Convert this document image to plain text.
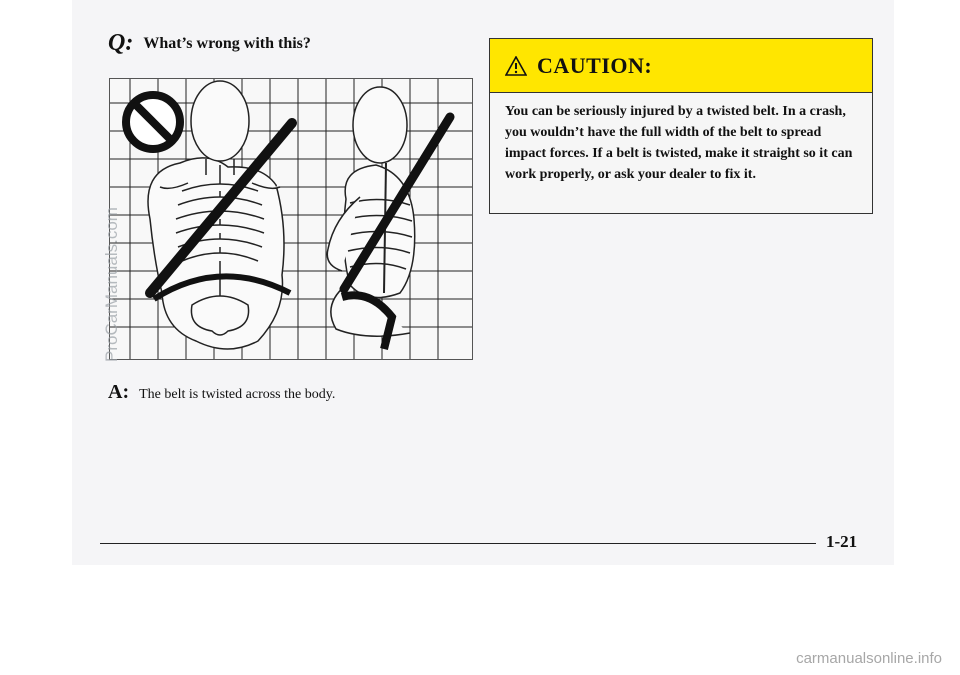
Q: What’s wrong with this?
A: The belt is twisted across the body.
CAUTION:
You can be seriously injured by a twisted belt. In a crash, you wouldn’t have the full width of the belt to spread impact forces. If a belt is twisted, make it straight so it can work properly, or ask your dealer to fix it.
1-21
ProCarManuals.com
carmanualsonline.info
